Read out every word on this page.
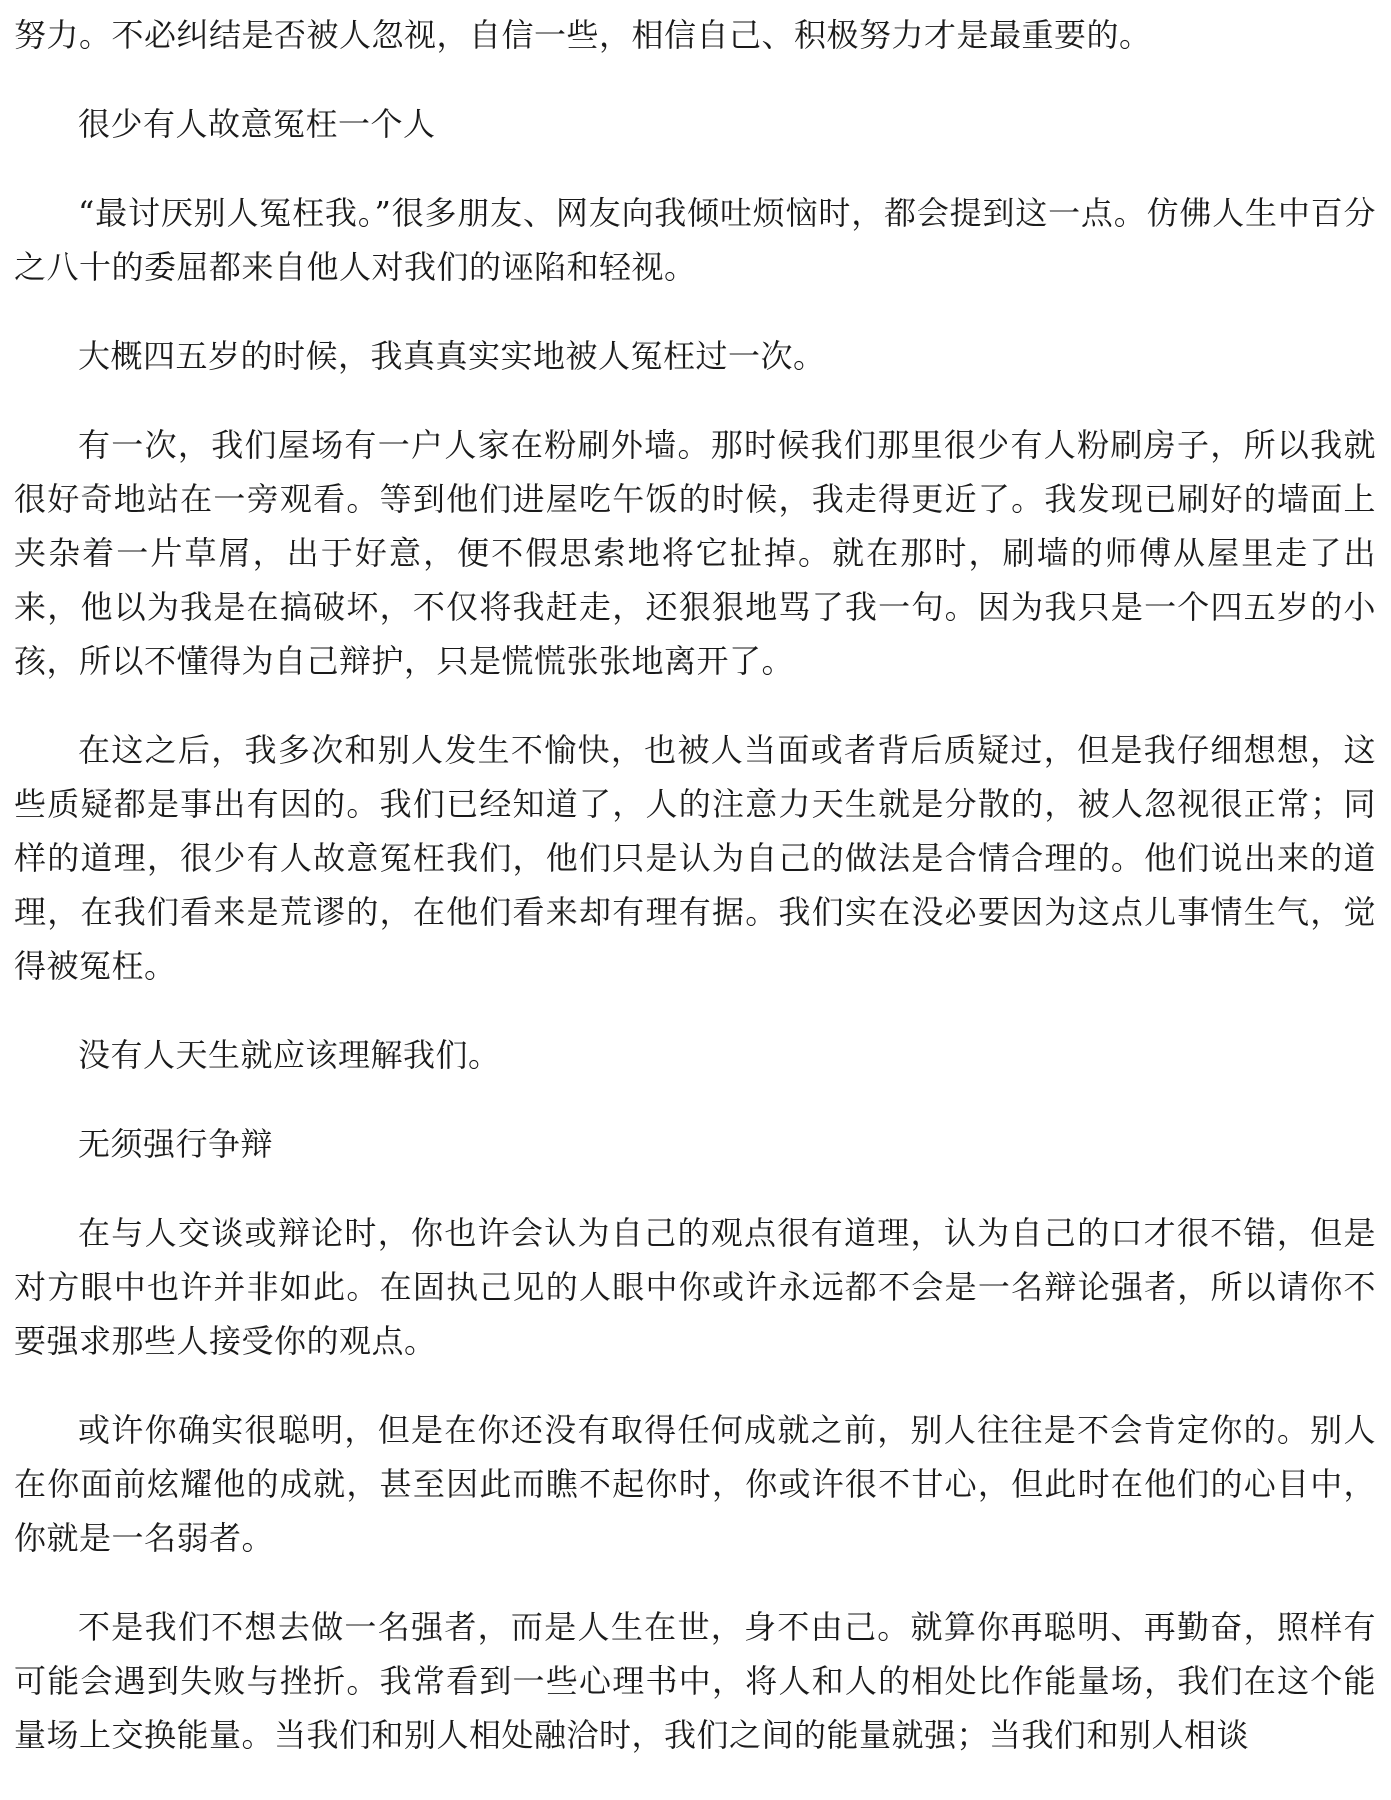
努力。不必纠结是否被人忽视，自信一些，相信自己、积极努力才是最重要的。

很少有人故意冤枉一个人

“最讨厌别人冤枉我。”很多朋友、网友向我倾吐烦恼时，都会提到这一点。仿佛人生中百分之八十的委屈都来自他人对我们的诬陷和轻视。

大概四五岁的时候，我真真实实地被人冤枉过一次。

有一次，我们屋场有一户人家在粉刷外墙。那时候我们那里很少有人粉刷房子，所以我就很好奇地站在一旁观看。等到他们进屋吃午饭的时候，我走得更近了。我发现已刷好的墙面上夹杂着一片草屑，出于好意，便不假思索地将它扯掉。就在那时，刷墙的师傅从屋里走了出来，他以为我是在搞破坏，不仅将我赶走，还狠狠地骂了我一句。因为我只是一个四五岁的小孩，所以不懂得为自己辩护，只是慌慌张张地离开了。

在这之后，我多次和别人发生不愉快，也被人当面或者背后质疑过，但是我仔细想想，这些质疑都是事出有因的。我们已经知道了，人的注意力天生就是分散的，被人忽视很正常；同样的道理，很少有人故意冤枉我们，他们只是认为自己的做法是合情合理的。他们说出来的道理，在我们看来是荒谬的，在他们看来却有理有据。我们实在没必要因为这点儿事情生气，觉得被冤枉。

没有人天生就应该理解我们。

无须强行争辩

在与人交谈或辩论时，你也许会认为自己的观点很有道理，认为自己的口才很不错，但是对方眼中也许并非如此。在固执己见的人眼中你或许永远都不会是一名辩论强者，所以请你不要强求那些人接受你的观点。

或许你确实很聪明，但是在你还没有取得任何成就之前，别人往往是不会肯定你的。别人在你面前炫耀他的成就，甚至因此而瞧不起你时，你或许很不甘心，但此时在他们的心目中，你就是一名弱者。

不是我们不想去做一名强者，而是人生在世，身不由己。就算你再聪明、再勤奋，照样有可能会遇到失败与挫折。我常看到一些心理书中，将人和人的相处比作能量场，我们在这个能量场上交换能量。当我们和别人相处融洽时，我们之间的能量就强；当我们和别人相谈
